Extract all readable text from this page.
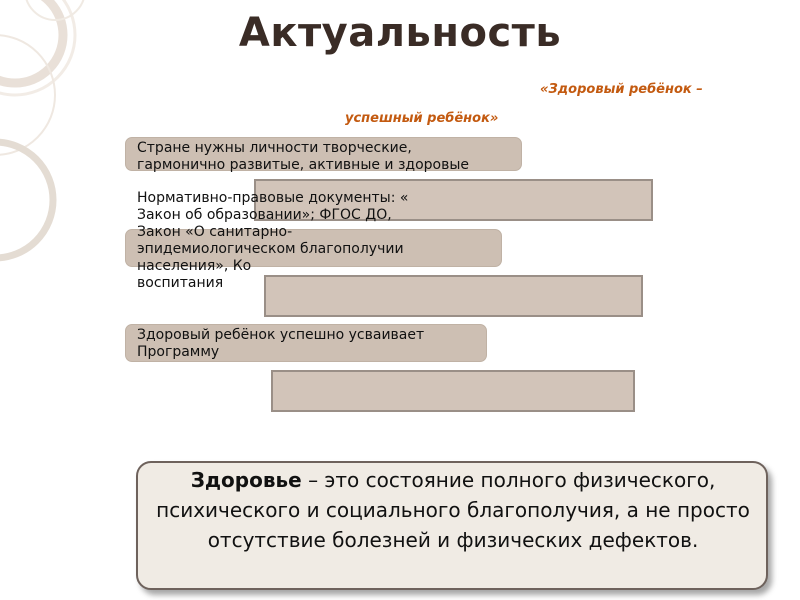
Актуальность
«Здоровый ребёнок –
успешный ребёнок»

Стране нужны личности творческие,
гармонично развитые, активные и здоровые

Нормативно-правовые документы: «
Закон об образовании»; ФГОС ДО,
Закон «О санитарно-
эпидемиологическом благополучии
населения», Ко
воспитания

Здоровый ребёнок успешно усваивает
Программу

Здоровье – это состояние полного физического, психического и социального благополучия, а не просто отсутствие болезней и физических дефектов.
